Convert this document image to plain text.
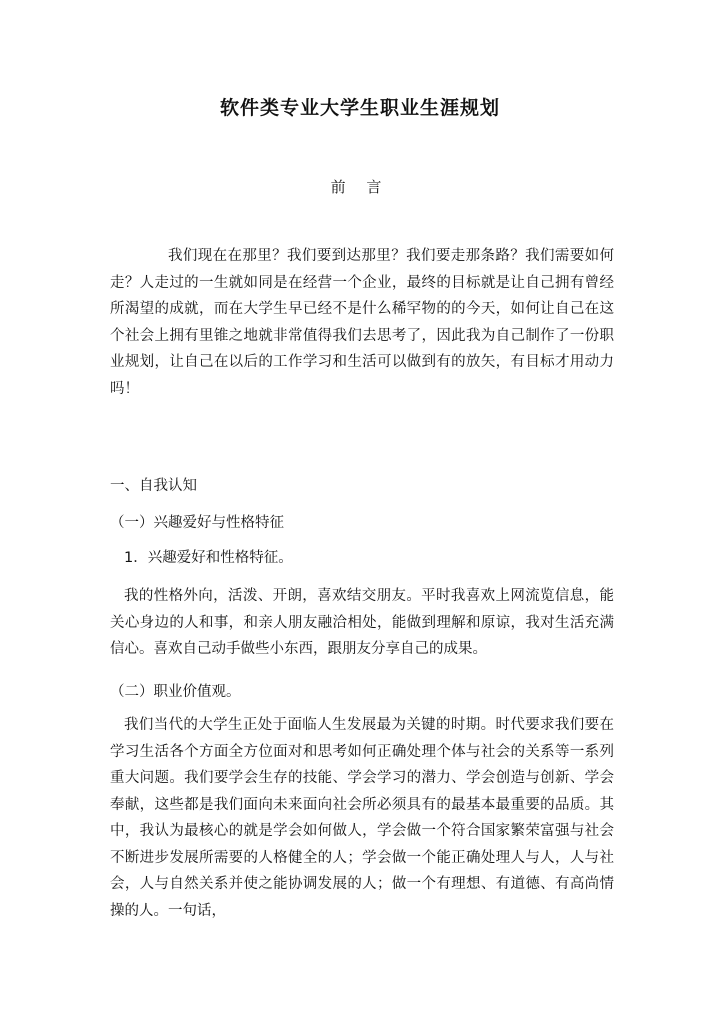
软件类专业大学生职业生涯规划
前 言

我们现在在那里？我们要到达那里？我们要走那条路？我们需要如何走？人走过的一生就如同是在经营一个企业，最终的目标就是让自己拥有曾经所渴望的成就，而在大学生早已经不是什么稀罕物的的今天，如何让自己在这个社会上拥有里锥之地就非常值得我们去思考了，因此我为自己制作了一份职业规划，让自己在以后的工作学习和生活可以做到有的放矢，有目标才用动力吗！

一、自我认知
（一）兴趣爱好与性格特征
1．兴趣爱好和性格特征。

我的性格外向，活泼、开朗，喜欢结交朋友。平时我喜欢上网流览信息，能关心身边的人和事，和亲人朋友融洽相处，能做到理解和原谅，我对生活充满信心。喜欢自己动手做些小东西，跟朋友分享自己的成果。

（二）职业价值观。

我们当代的大学生正处于面临人生发展最为关键的时期。时代要求我们要在学习生活各个方面全方位面对和思考如何正确处理个体与社会的关系等一系列重大问题。我们要学会生存的技能、学会学习的潜力、学会创造与创新、学会奉献，这些都是我们面向未来面向社会所必须具有的最基本最重要的品质。其中，我认为最核心的就是学会如何做人，学会做一个符合国家繁荣富强与社会不断进步发展所需要的人格健全的人；学会做一个能正确处理人与人，人与社会，人与自然关系并使之能协调发展的人；做一个有理想、有道德、有高尚情操的人。一句话，
